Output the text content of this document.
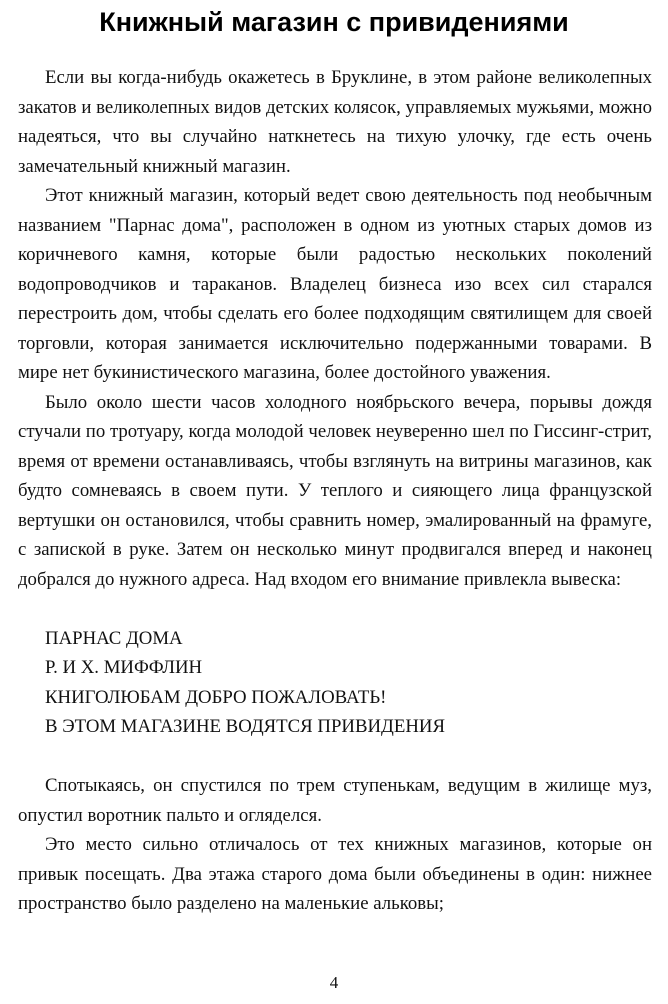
Книжный магазин с привидениями

Если вы когда-нибудь окажетесь в Бруклине, в этом районе великолепных закатов и великолепных видов детских колясок, управляемых мужьями, можно надеяться, что вы случайно наткнетесь на тихую улочку, где есть очень замечательный книжный магазин.

Этот книжный магазин, который ведет свою деятельность под необычным названием "Парнас дома", расположен в одном из уютных старых домов из коричневого камня, которые были радостью нескольких поколений водопроводчиков и тараканов. Владелец бизнеса изо всех сил старался перестроить дом, чтобы сделать его более подходящим святилищем для своей торговли, которая занимается исключительно подержанными товарами. В мире нет букинистического магазина, более достойного уважения.

Было около шести часов холодного ноябрьского вечера, порывы дождя стучали по тротуару, когда молодой человек неуверенно шел по Гиссинг-стрит, время от времени останавливаясь, чтобы взглянуть на витрины магазинов, как будто сомневаясь в своем пути. У теплого и сияющего лица французской вертушки он остановился, чтобы сравнить номер, эмалированный на фрамуге, с запиской в руке. Затем он несколько минут продвигался вперед и наконец добрался до нужного адреса. Над входом его внимание привлекла вывеска:

ПАРНАС ДОМА
Р. И Х. МИФФЛИН
КНИГОЛЮБАМ ДОБРО ПОЖАЛОВАТЬ!
В ЭТОМ МАГАЗИНЕ ВОДЯТСЯ ПРИВИДЕНИЯ

Спотыкаясь, он спустился по трем ступенькам, ведущим в жилище муз, опустил воротник пальто и огляделся.

Это место сильно отличалось от тех книжных магазинов, которые он привык посещать. Два этажа старого дома были объединены в один: нижнее пространство было разделено на маленькие альковы;

4
